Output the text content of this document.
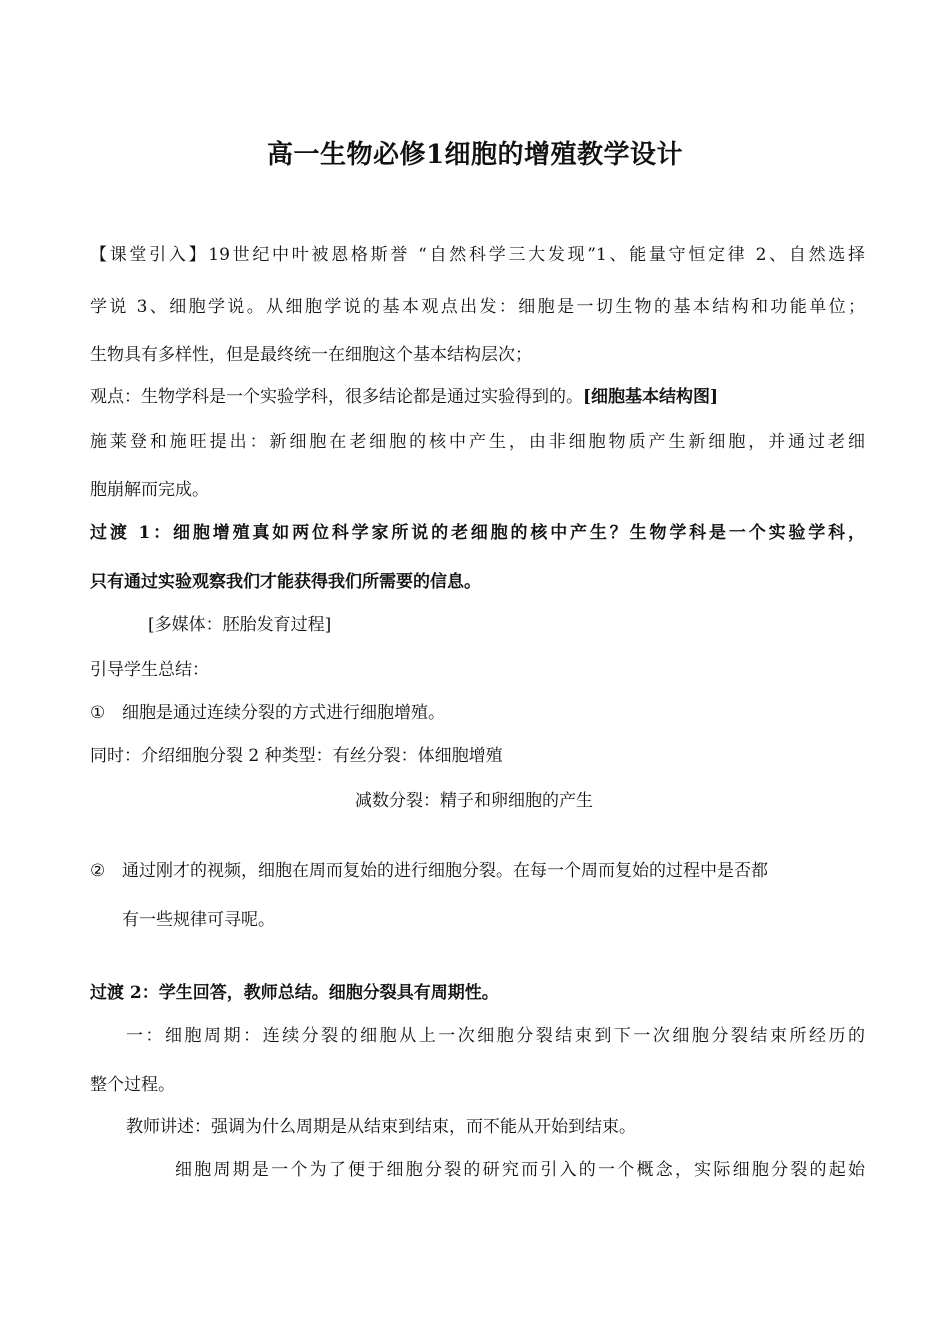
高一生物必修1细胞的增殖教学设计
【课堂引入】19世纪中叶被恩格斯誉 “自然科学三大发现”1、能量守恒定律 2、自然选择
学说 3、细胞学说。从细胞学说的基本观点出发：细胞是一切生物的基本结构和功能单位；
生物具有多样性，但是最终统一在细胞这个基本结构层次；
观点：生物学科是一个实验学科，很多结论都是通过实验得到的。[细胞基本结构图]
施莱登和施旺提出：新细胞在老细胞的核中产生，由非细胞物质产生新细胞，并通过老细
胞崩解而完成。
过渡 1：细胞增殖真如两位科学家所说的老细胞的核中产生？生物学科是一个实验学科，
只有通过实验观察我们才能获得我们所需要的信息。
[多媒体：胚胎发育过程]
引导学生总结：
① 细胞是通过连续分裂的方式进行细胞增殖。
同时：介绍细胞分裂 2 种类型：有丝分裂：体细胞增殖
减数分裂：精子和卵细胞的产生
② 通过刚才的视频，细胞在周而复始的进行细胞分裂。在每一个周而复始的过程中是否都
有一些规律可寻呢。
过渡 2：学生回答，教师总结。细胞分裂具有周期性。
一：细胞周期：连续分裂的细胞从上一次细胞分裂结束到下一次细胞分裂结束所经历的
整个过程。
教师讲述：强调为什么周期是从结束到结束，而不能从开始到结束。
细胞周期是一个为了便于细胞分裂的研究而引入的一个概念，实际细胞分裂的起始
